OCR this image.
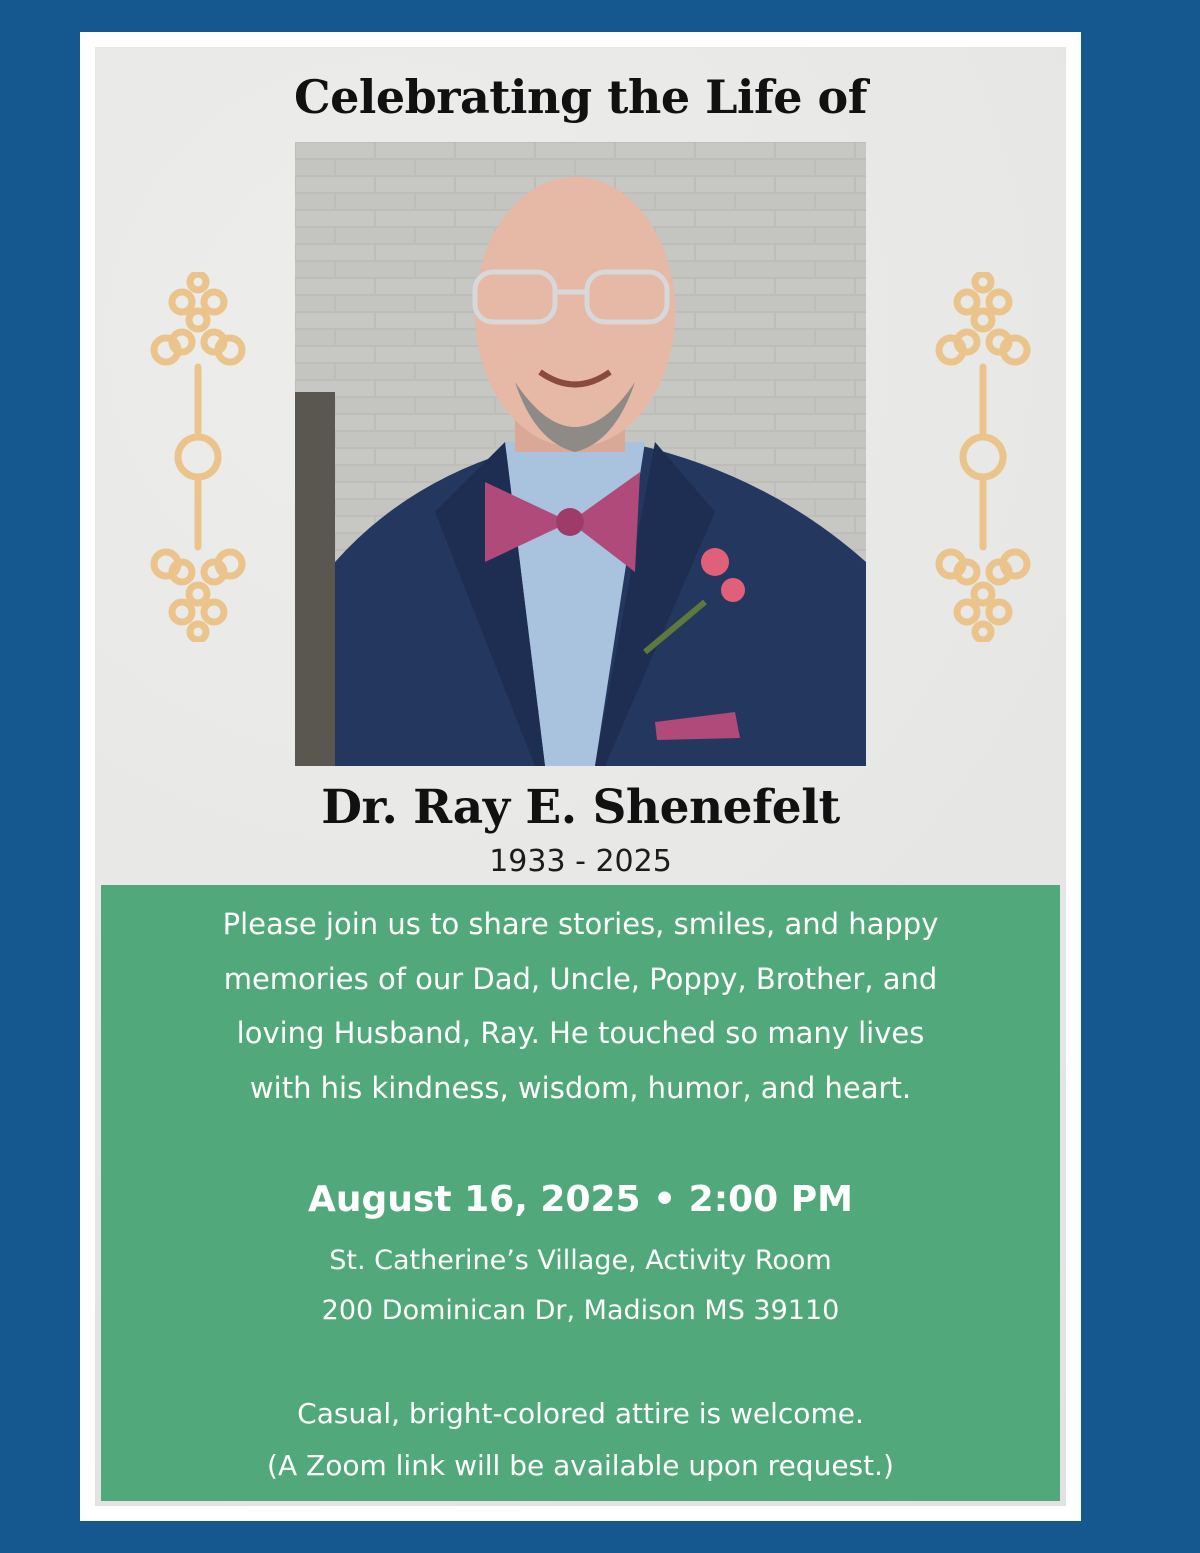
Celebrating the Life of
Dr. Ray E. Shenefelt
1933 - 2025
Please join us to share stories, smiles, and happy
memories of our Dad, Uncle, Poppy, Brother, and
loving Husband, Ray. He touched so many lives
with his kindness, wisdom, humor, and heart.
August 16, 2025 • 2:00 PM
St. Catherine’s Village, Activity Room
200 Dominican Dr, Madison MS 39110
Casual, bright-colored attire is welcome.
(A Zoom link will be available upon request.)
